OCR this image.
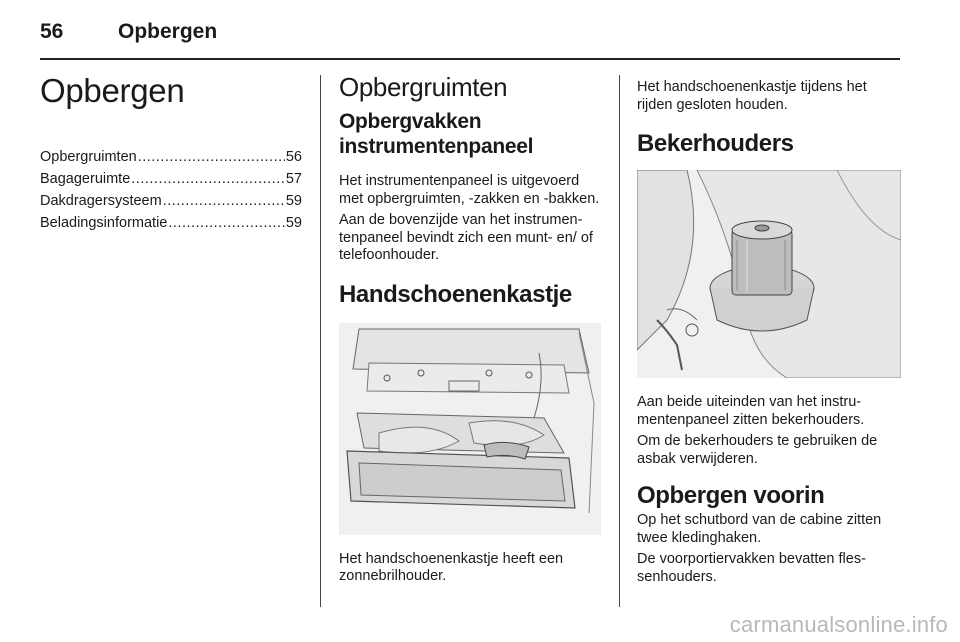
56	Opbergen
Opbergen
Opbergruimten .....	56
Bagageruimte .....	57
Dakdragersysteem .....	59
Beladingsinformatie .....	59
Opbergruimten
Opbergvakken instrumentenpaneel

Het instrumentenpaneel is uitgevoerd met opbergruimten, -zakken en -bakken.

Aan de bovenzijde van het instrumen- tenpaneel bevindt zich een munt- en/ of telefoonhouder.

Handschoenenkastje

Het handschoenenkastje heeft een zonnebrilhouder.

Het handschoenenkastje tijdens het rijden gesloten houden.

Bekerhouders

Aan beide uiteinden van het instru- mentenpaneel zitten bekerhouders.

Om de bekerhouders te gebruiken de asbak verwijderen.

Opbergen voorin

Op het schutbord van de cabine zitten twee kledinghaken.

De voorportiervakken bevatten fles- senhouders.

carmanualsonline.info
